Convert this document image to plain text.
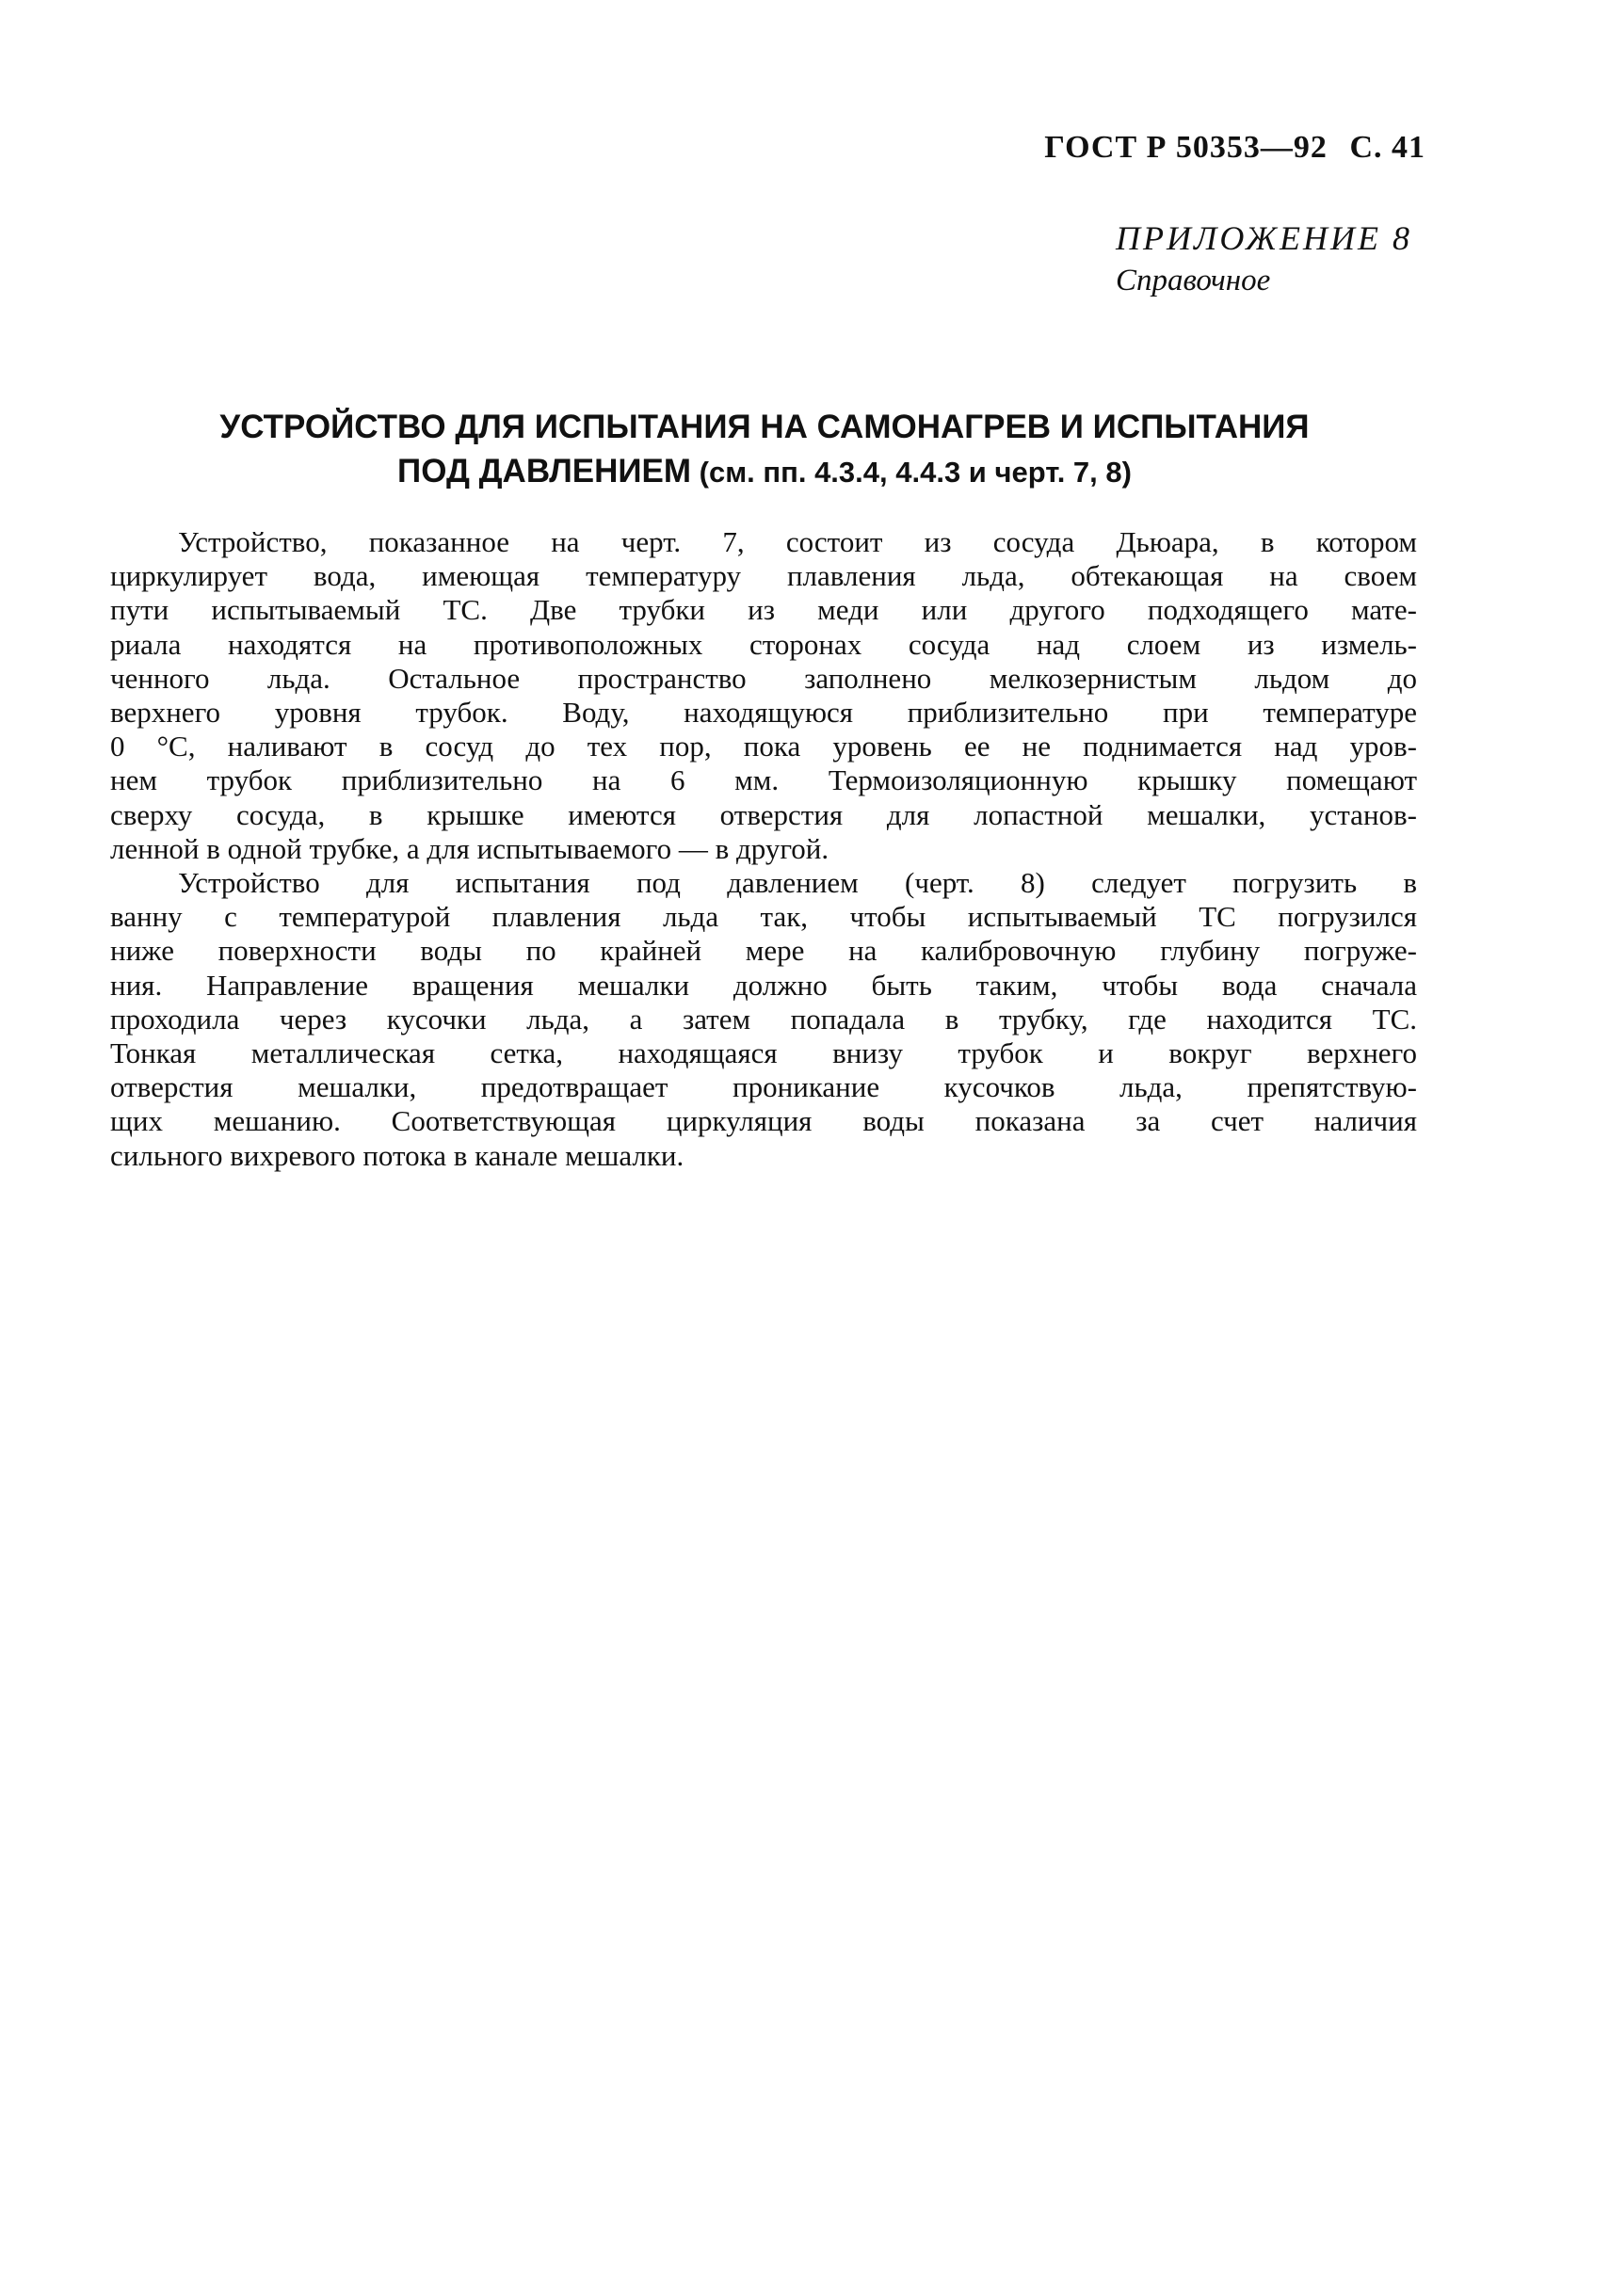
ГОСТ Р 50353—92 С. 41
ПРИЛОЖЕНИЕ 8
Справочное
УСТРОЙСТВО ДЛЯ ИСПЫТАНИЯ НА САМОНАГРЕВ И ИСПЫТАНИЯ
ПОД ДАВЛЕНИЕМ (см. пп. 4.3.4, 4.4.3 и черт. 7, 8)
Устройство, показанное на черт. 7, состоит из сосуда Дьюара, в котором
циркулирует вода, имеющая температуру плавления льда, обтекающая на своем
пути испытываемый ТС. Две трубки из меди или другого подходящего мате-
риала находятся на противоположных сторонах сосуда над слоем из измель-
ченного льда. Остальное пространство заполнено мелкозернистым льдом до
верхнего уровня трубок. Воду, находящуюся приблизительно при температуре
0 °С, наливают в сосуд до тех пор, пока уровень ее не поднимается над уров-
нем трубок приблизительно на 6 мм. Термоизоляционную крышку помещают
сверху сосуда, в крышке имеются отверстия для лопастной мешалки, установ-
ленной в одной трубке, а для испытываемого — в другой.
Устройство для испытания под давлением (черт. 8) следует погрузить в
ванну с температурой плавления льда так, чтобы испытываемый ТС погрузился
ниже поверхности воды по крайней мере на калибровочную глубину погруже-
ния. Направление вращения мешалки должно быть таким, чтобы вода сначала
проходила через кусочки льда, а затем попадала в трубку, где находится ТС.
Тонкая металлическая сетка, находящаяся внизу трубок и вокруг верхнего
отверстия мешалки, предотвращает проникание кусочков льда, препятствую-
щих мешанию. Соответствующая циркуляция воды показана за счет наличия
сильного вихревого потока в канале мешалки.
